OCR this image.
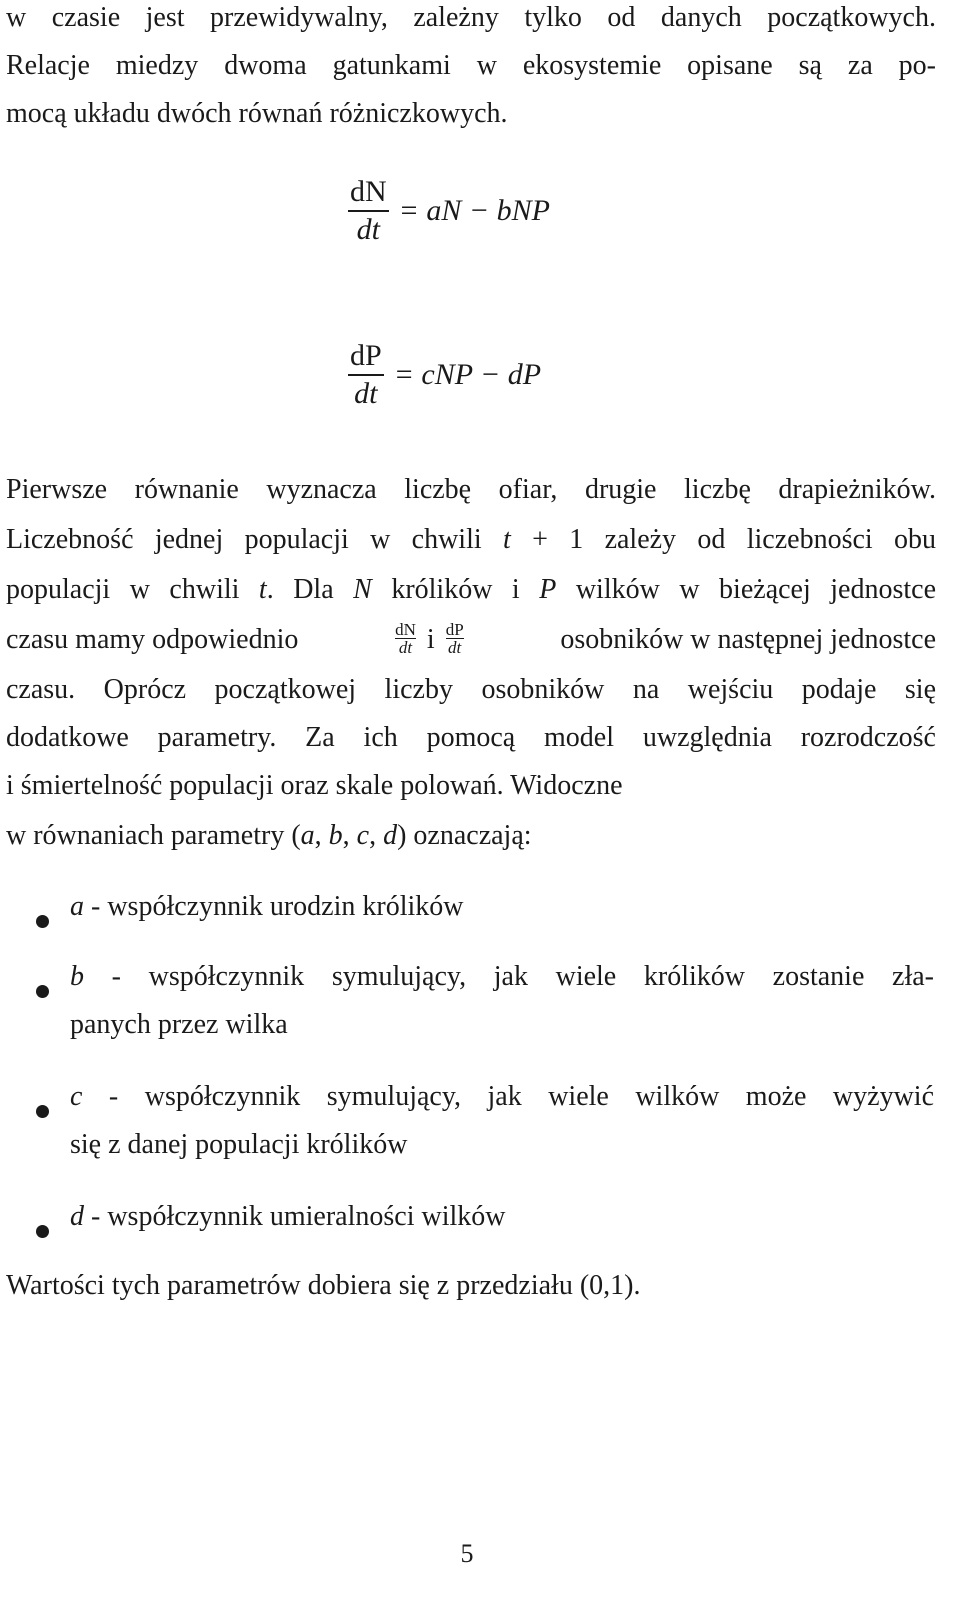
w czasie jest przewidywalny, zależny tylko od danych początkowych.
Relacje miedzy dwoma gatunkami w ekosystemie opisane są za po-
mocą układu dwóch równań różniczkowych.
$\frac{dN}{dt}$ = aN − bNP
$\frac{dP}{dt}$ = cNP − dP
Pierwsze równanie wyznacza liczbę ofiar, drugie liczbę drapieżników.
Liczebność jednej populacji w chwili t + 1 zależy od liczebności obu
populacji w chwili t. Dla N królików i P wilków w bieżącej jednostce
czasu mamy odpowiednio	dN
dt i dP
dt	osobników w następnej jednostce
czasu. Oprócz początkowej liczby osobników na wejściu podaje się
dodatkowe parametry. Za ich pomocą model uwzględnia rozrodczość
i śmiertelność populacji oraz skale polowań. Widoczne
w równaniach parametry (a, b, c, d) oznaczają:
a - współczynnik urodzin królików
b - współczynnik symulujący, jak wiele królików zostanie zła-
panych przez wilka
c - współczynnik symulujący, jak wiele wilków może wyżywić
się z danej populacji królików
d - współczynnik umieralności wilków
Wartości tych parametrów dobiera się z przedziału (0,1).
5
